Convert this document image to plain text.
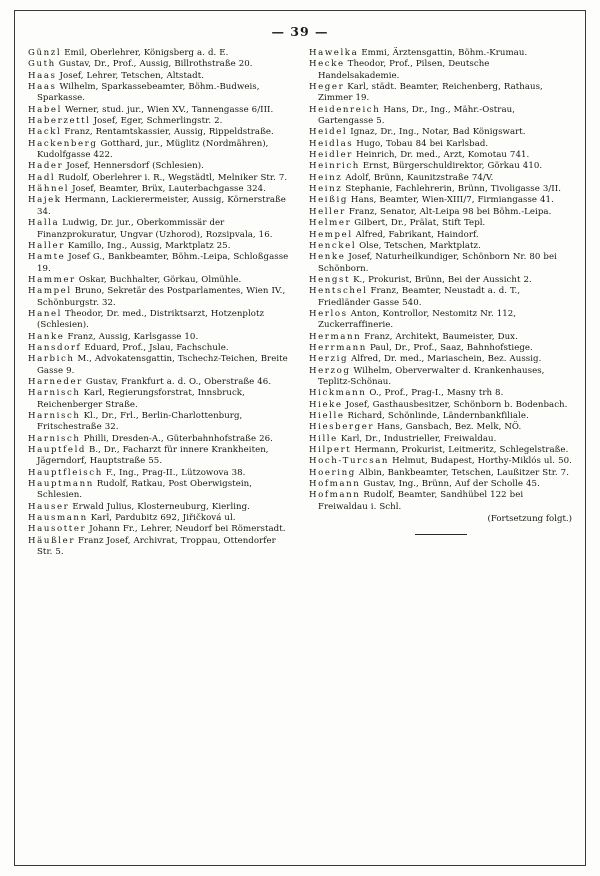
— 39 —

Günzl Emil, Oberlehrer, Königsberg a. d. E.

Guth Gustav, Dr., Prof., Aussig, Billrothstraße 20.

Haas Josef, Lehrer, Tetschen, Altstadt.

Haas Wilhelm, Sparkassebeamter, Böhm.-Budweis, Sparkasse.

Habel Werner, stud. jur., Wien XV., Tannengasse 6/III.

Haberzettl Josef, Eger, Schmerlingstr. 2.

Hackl Franz, Rentamtskassier, Aussig, Rippeldstraße.

Hackenberg Gotthard, jur., Müglitz (Nordmähren), Kudolfgasse 422.

Hader Josef, Hennersdorf (Schlesien).

Hadl Rudolf, Oberlehrer i. R., Wegstädtl, Melniker Str. 7.

Hähnel Josef, Beamter, Brüx, Lauterbachgasse 324.

Hajek Hermann, Lackierermeister, Aussig, Körnerstraße 34.

Halla Ludwig, Dr. jur., Oberkommissär der Finanzprokuratur, Ungvar (Uzhorod), Rozsipvala, 16.

Haller Kamillo, Ing., Aussig, Marktplatz 25.

Hamte Josef G., Bankbeamter, Böhm.-Leipa, Schloßgasse 19.

Hammer Oskar, Buchhalter, Görkau, Olmühle.

Hampel Bruno, Sekretär des Postparlamentes, Wien IV., Schönburgstr. 32.

Hanel Theodor, Dr. med., Distriktsarzt, Hotzenplotz (Schlesien).

Hanke Franz, Aussig, Karlsgasse 10.

Hansdorf Eduard, Prof., Jslau, Fachschule.

Harbich M., Advokatensgattin, Tschechz-Teichen, Breite Gasse 9.

Harneder Gustav, Frankfurt a. d. O., Oberstraße 46.

Harnisch Karl, Regierungsforstrat, Innsbruck, Reichenberger Straße.

Harnisch Kl., Dr., Frl., Berlin-Charlottenburg, Fritschestraße 32.

Harnisch Philli, Dresden-A., Güterbahnhofstraße 26.

Hauptfeld B., Dr., Facharzt für innere Krankheiten, Jägerndorf, Hauptstraße 55.

Hauptfleisch F., Ing., Prag-II., Lützowova 38.

Hauptmann Rudolf, Ratkau, Post Oberwigstein, Schlesien.

Hauser Erwald Julius, Klosterneuburg, Kierling.

Hausmann Karl, Pardubitz 692, Jiřičková ul.

Hausotter Johann Fr., Lehrer, Neudorf bei Römerstadt.

Häußler Franz Josef, Archivrat, Troppau, Ottendorfer Str. 5.

Hawelka Emmi, Ärztensgattin, Böhm.-Krumau.

Hecke Theodor, Prof., Pilsen, Deutsche Handelsakademie.

Heger Karl, städt. Beamter, Reichenberg, Rathaus, Zimmer 19.

Heidenreich Hans, Dr., Ing., Mähr.-Ostrau, Gartengasse 5.

Heidel Ignaz, Dr., Ing., Notar, Bad Königswart.

Heidlas Hugo, Tobau 84 bei Karlsbad.

Heidler Heinrich, Dr. med., Arzt, Komotau 741.

Heinrich Ernst, Bürgerschuldirektor, Görkau 410.

Heinz Adolf, Brünn, Kaunitzstraße 74/V.

Heinz Stephanie, Fachlehrerin, Brünn, Tivoligasse 3/II.

Heißig Hans, Beamter, Wien-XIII/7, Firmiangasse 41.

Heller Franz, Senator, Alt-Leipa 98 bei Böhm.-Leipa.

Helmer Gilbert, Dr., Prälat, Stift Tepl.

Hempel Alfred, Fabrikant, Haindorf.

Henckel Olse, Tetschen, Marktplatz.

Henke Josef, Naturheilkundiger, Schönborn Nr. 80 bei Schönborn.

Hengst K., Prokurist, Brünn, Bei der Aussicht 2.

Hentschel Franz, Beamter, Neustadt a. d. T., Friedländer Gasse 540.

Herlos Anton, Kontrollor, Nestomitz Nr. 112, Zuckerraffinerie.

Hermann Franz, Architekt, Baumeister, Dux.

Herrmann Paul, Dr., Prof., Saaz, Bahnhofstiege.

Herzig Alfred, Dr. med., Mariaschein, Bez. Aussig.

Herzog Wilhelm, Oberverwalter d. Krankenhauses, Teplitz-Schönau.

Hickmann O., Prof., Prag-I., Masny trh 8.

Hieke Josef, Gasthausbesitzer, Schönborn b. Bodenbach.

Hielle Richard, Schönlinde, Ländernbankfiliale.

Hiesberger Hans, Gansbach, Bez. Melk, NÖ.

Hille Karl, Dr., Industrieller, Freiwaldau.

Hilpert Hermann, Prokurist, Leitmeritz, Schlegelstraße.

Hoch-Turcsan Helmut, Budapest, Horthy-Miklós ul. 50.

Hoering Albin, Bankbeamter, Tetschen, Laußitzer Str. 7.

Hofmann Gustav, Ing., Brünn, Auf der Scholle 45.

Hofmann Rudolf, Beamter, Sandhübel 122 bei Freiwaldau i. Schl.

(Fortsetzung folgt.)
